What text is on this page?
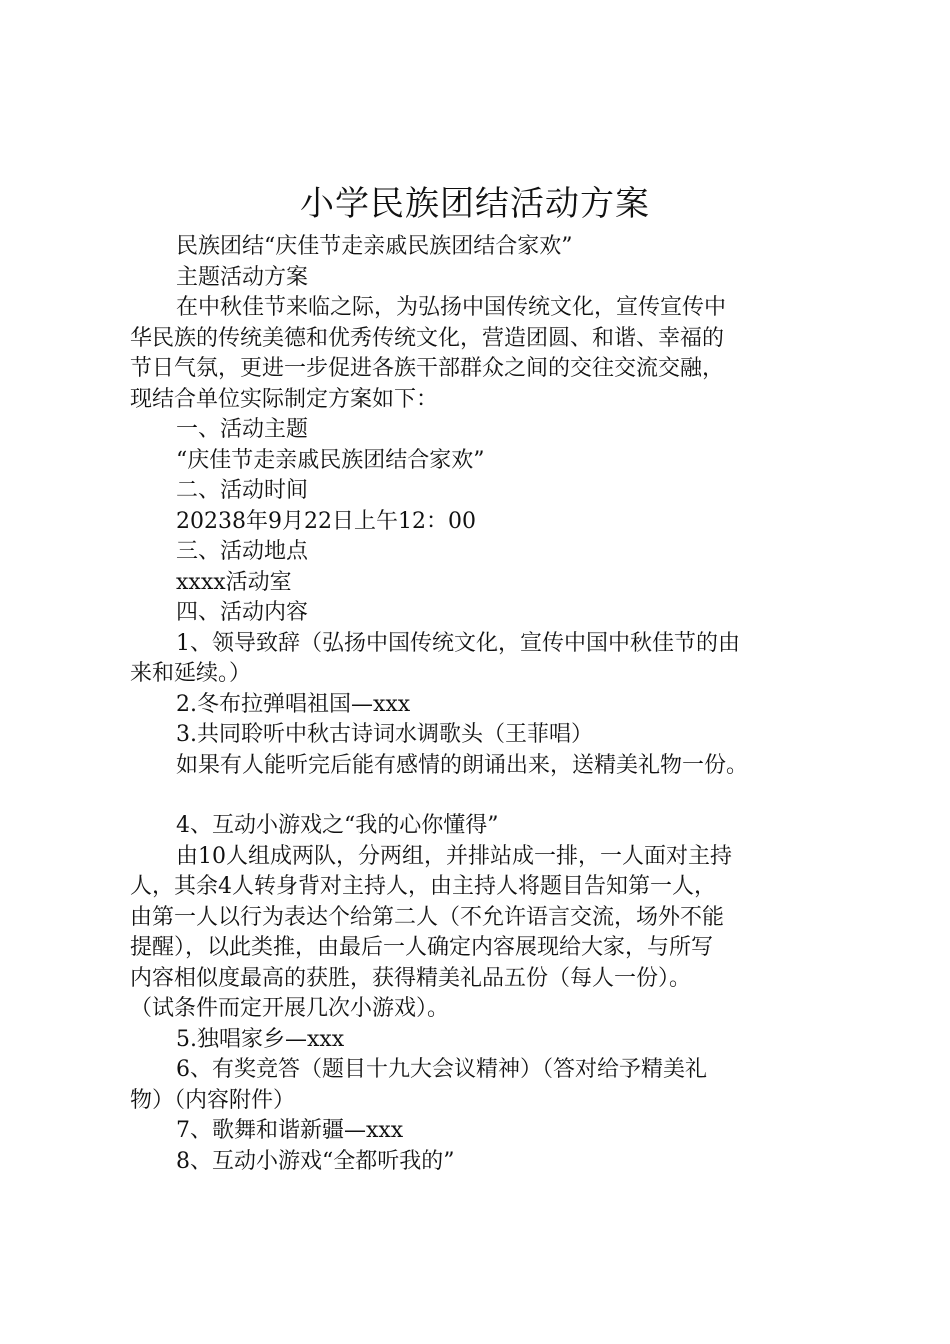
小学民族团结活动方案

民族团结“庆佳节走亲戚民族团结合家欢”

主题活动方案

在中秋佳节来临之际，为弘扬中国传统文化，宣传宣传中

华民族的传统美德和优秀传统文化，营造团圆、和谐、幸福的

节日气氛，更进一步促进各族干部群众之间的交往交流交融，

现结合单位实际制定方案如下：

一、活动主题

“庆佳节走亲戚民族团结合家欢”

二、活动时间

20238年9月22日上午12：00

三、活动地点

xxxx活动室

四、活动内容

1、领导致辞（弘扬中国传统文化，宣传中国中秋佳节的由

来和延续。）

2.冬布拉弹唱祖国—xxx

3.共同聆听中秋古诗词水调歌头（王菲唱）

如果有人能听完后能有感情的朗诵出来，送精美礼物一份。

4、互动小游戏之“我的心你懂得”

由10人组成两队，分两组，并排站成一排，一人面对主持

人，其余4人转身背对主持人，由主持人将题目告知第一人，

由第一人以行为表达个给第二人（不允许语言交流，场外不能

提醒），以此类推，由最后一人确定内容展现给大家，与所写

内容相似度最高的获胜，获得精美礼品五份（每人一份）。

（试条件而定开展几次小游戏）。

5.独唱家乡—xxx

6、有奖竞答（题目十九大会议精神）（答对给予精美礼

物）（内容附件）

7、歌舞和谐新疆—xxx

8、互动小游戏“全都听我的”
